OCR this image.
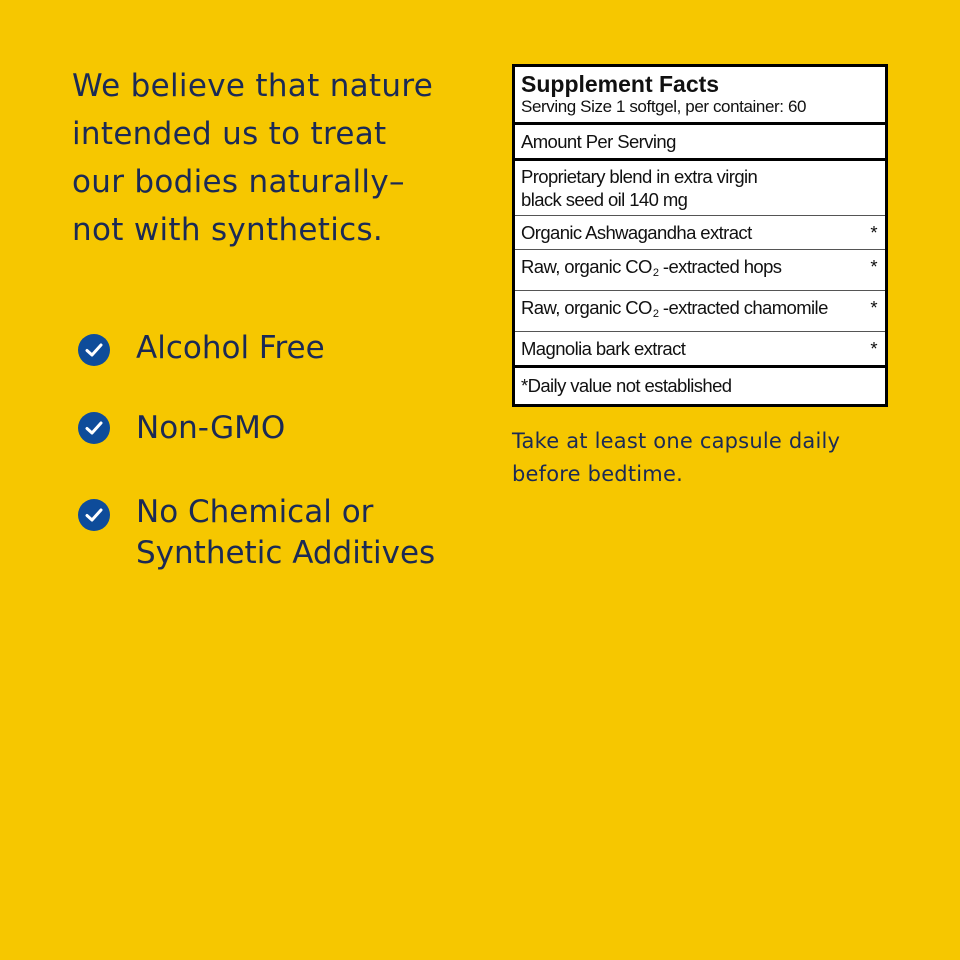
We believe that nature
intended us to treat
our bodies naturally–
not with synthetics.
Alcohol Free
Non-GMO
No Chemical or
Synthetic Additives
Supplement Facts
Serving Size 1 softgel, per container: 60
Amount Per Serving
Proprietary blend in extra virgin
black seed oil 140 mg
Organic Ashwagandha extract	*
Raw, organic $CO_2$ -extracted hops	*
Raw, organic $CO_2$ -extracted chamomile *
Magnolia bark extract	*
*Daily value not established
Take at least one capsule daily
before bedtime.
